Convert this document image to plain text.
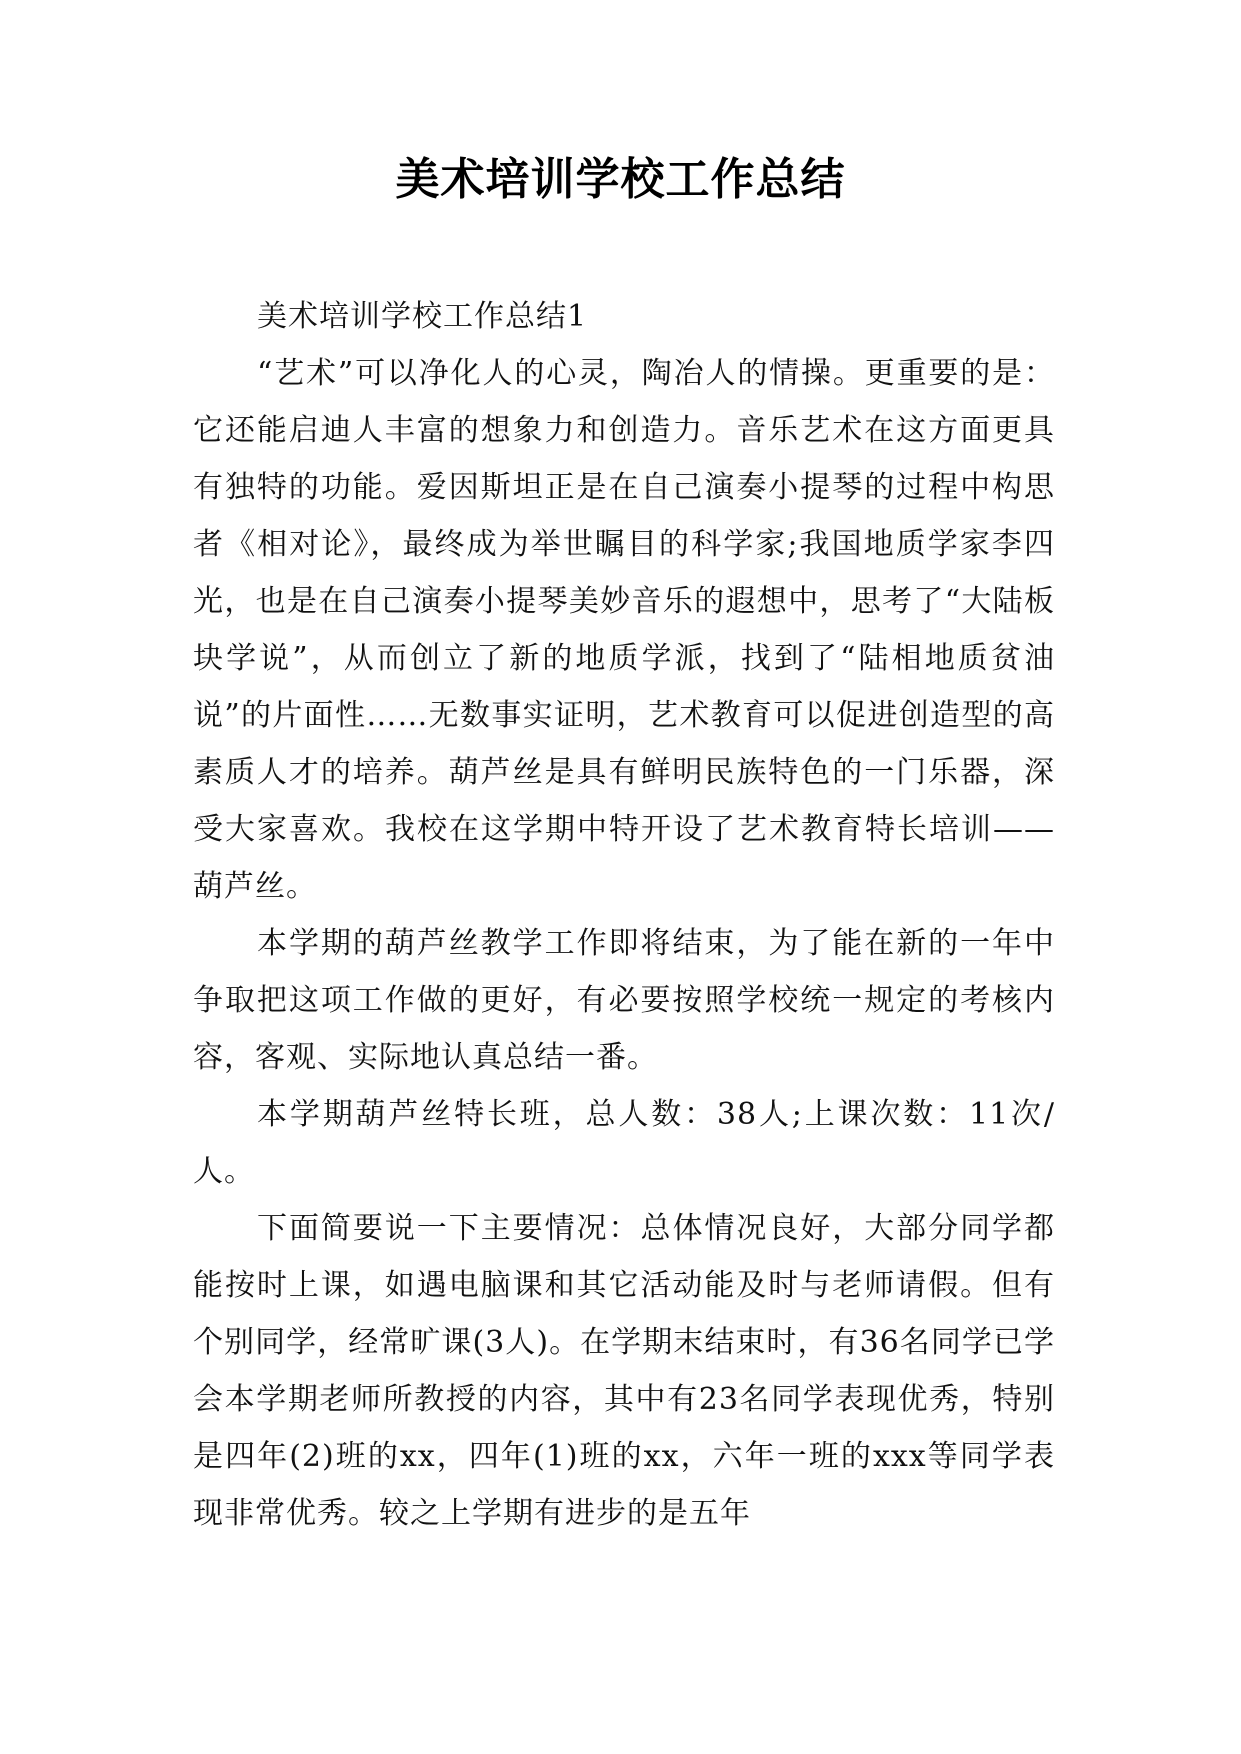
美术培训学校工作总结

美术培训学校工作总结1

“艺术”可以净化人的心灵，陶冶人的情操。更重要的是：它还能启迪人丰富的想象力和创造力。音乐艺术在这方面更具有独特的功能。爱因斯坦正是在自己演奏小提琴的过程中构思者《相对论》，最终成为举世瞩目的科学家;我国地质学家李四光，也是在自己演奏小提琴美妙音乐的遐想中，思考了“大陆板块学说”，从而创立了新的地质学派，找到了“陆相地质贫油说”的片面性……无数事实证明，艺术教育可以促进创造型的高素质人才的培养。葫芦丝是具有鲜明民族特色的一门乐器，深受大家喜欢。我校在这学期中特开设了艺术教育特长培训——葫芦丝。

本学期的葫芦丝教学工作即将结束，为了能在新的一年中争取把这项工作做的更好，有必要按照学校统一规定的考核内容，客观、实际地认真总结一番。

本学期葫芦丝特长班，总人数：38人;上课次数：11次/人。

下面简要说一下主要情况：总体情况良好，大部分同学都能按时上课，如遇电脑课和其它活动能及时与老师请假。但有个别同学，经常旷课(3人)。在学期末结束时，有36名同学已学会本学期老师所教授的内容，其中有23名同学表现优秀，特别是四年(2)班的xx，四年(1)班的xx，六年一班的xxx等同学表现非常优秀。较之上学期有进步的是五年
